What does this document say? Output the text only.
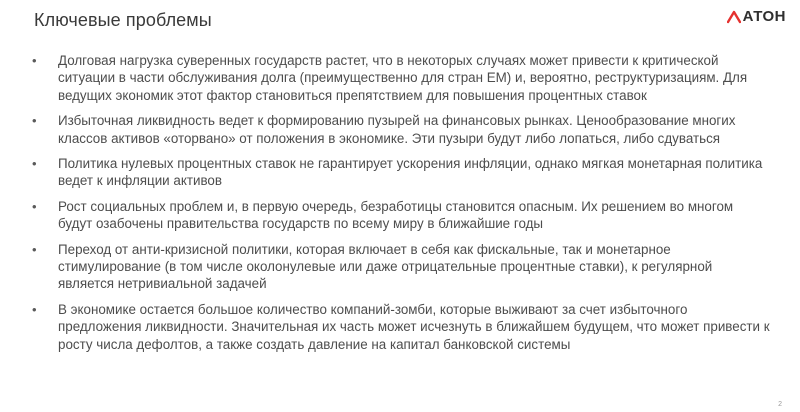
Ключевые проблемы	АТОН
• Долговая нагрузка суверенных государств растет, что в некоторых случаях может привести к критической ситуации в части обслуживания долга (преимущественно для стран EM) и, вероятно, реструктуризациям. Для ведущих экономик этот фактор становиться препятствием для повышения процентных ставок
• Избыточная ликвидность ведет к формированию пузырей на финансовых рынках. Ценообразование многих классов активов «оторвано» от положения в экономике. Эти пузыри будут либо лопаться, либо сдуваться
• Политика нулевых процентных ставок не гарантирует ускорения инфляции, однако мягкая монетарная политика ведет к инфляции активов
• Рост социальных проблем и, в первую очередь, безработицы становится опасным. Их решением во многом будут озабочены правительства государств по всему миру в ближайшие годы
• Переход от анти-кризисной политики, которая включает в себя как фискальные, так и монетарное стимулирование (в том числе околонулевые или даже отрицательные процентные ставки), к регулярной является нетривиальной задачей
• В экономике остается большое количество компаний-зомби, которые выживают за счет избыточного предложения ликвидности. Значительная их часть может исчезнуть в ближайшем будущем, что может привести к росту числа дефолтов, а также создать давление на капитал банковской системы
2
